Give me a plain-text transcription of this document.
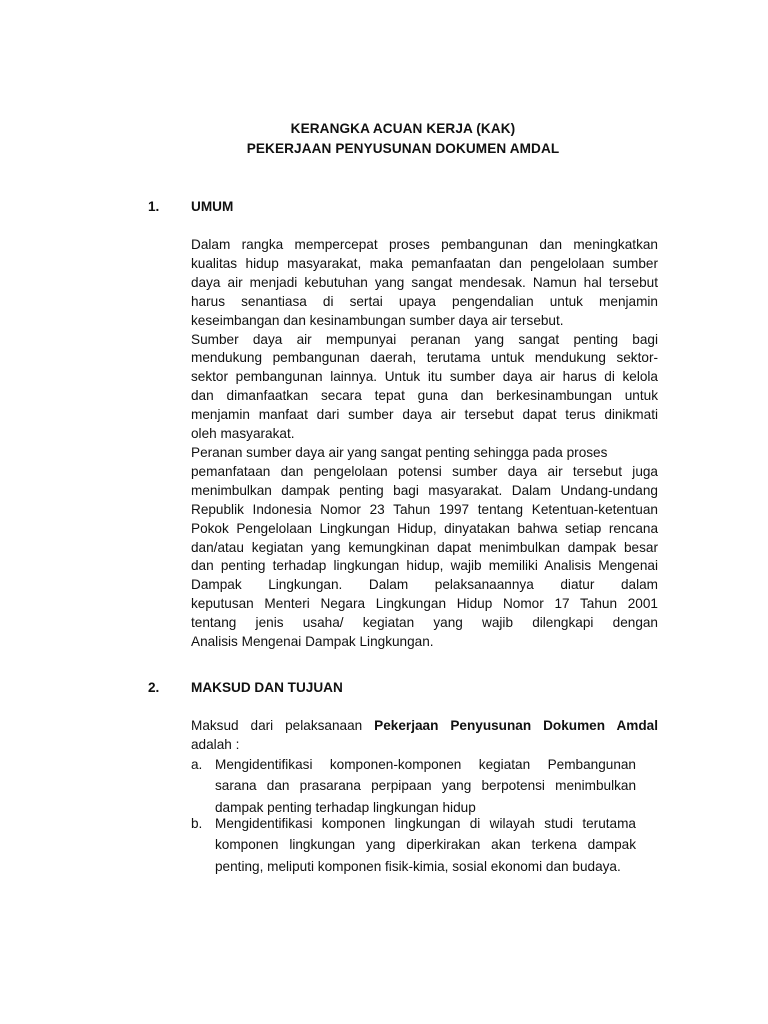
KERANGKA ACUAN KERJA (KAK)
PEKERJAAN PENYUSUNAN DOKUMEN AMDAL
1. UMUM
Dalam rangka mempercepat proses pembangunan dan meningkatkan
kualitas hidup masyarakat, maka pemanfaatan dan pengelolaan sumber
daya air menjadi kebutuhan yang sangat mendesak. Namun hal tersebut
harus senantiasa di sertai upaya pengendalian untuk menjamin
keseimbangan dan kesinambungan sumber daya air tersebut.
Sumber daya air mempunyai peranan yang sangat penting bagi
mendukung pembangunan daerah, terutama untuk mendukung sektor-
sektor pembangunan lainnya. Untuk itu sumber daya air harus di kelola
dan dimanfaatkan secara tepat guna dan berkesinambungan untuk
menjamin manfaat dari sumber daya air tersebut dapat terus dinikmati
oleh masyarakat.
Peranan sumber daya air yang sangat penting sehingga pada proses
pemanfataan dan pengelolaan potensi sumber daya air tersebut juga
menimbulkan dampak penting bagi masyarakat. Dalam Undang-undang
Republik Indonesia Nomor 23 Tahun 1997 tentang Ketentuan-ketentuan
Pokok Pengelolaan Lingkungan Hidup, dinyatakan bahwa setiap rencana
dan/atau kegiatan yang kemungkinan dapat menimbulkan dampak besar
dan penting terhadap lingkungan hidup, wajib memiliki Analisis Mengenai
Dampak Lingkungan. Dalam pelaksanaannya diatur dalam
keputusan Menteri Negara Lingkungan Hidup Nomor 17 Tahun 2001
tentang jenis usaha/ kegiatan yang wajib dilengkapi dengan
Analisis Mengenai Dampak Lingkungan.
2. MAKSUD DAN TUJUAN
Maksud dari pelaksanaan Pekerjaan Penyusunan Dokumen Amdal
adalah :
a. Mengidentifikasi komponen-komponen kegiatan Pembangunan
sarana dan prasarana perpipaan yang berpotensi menimbulkan
dampak penting terhadap lingkungan hidup
b. Mengidentifikasi komponen lingkungan di wilayah studi terutama
komponen lingkungan yang diperkirakan akan terkena dampak
penting, meliputi komponen fisik-kimia, sosial ekonomi dan budaya.
